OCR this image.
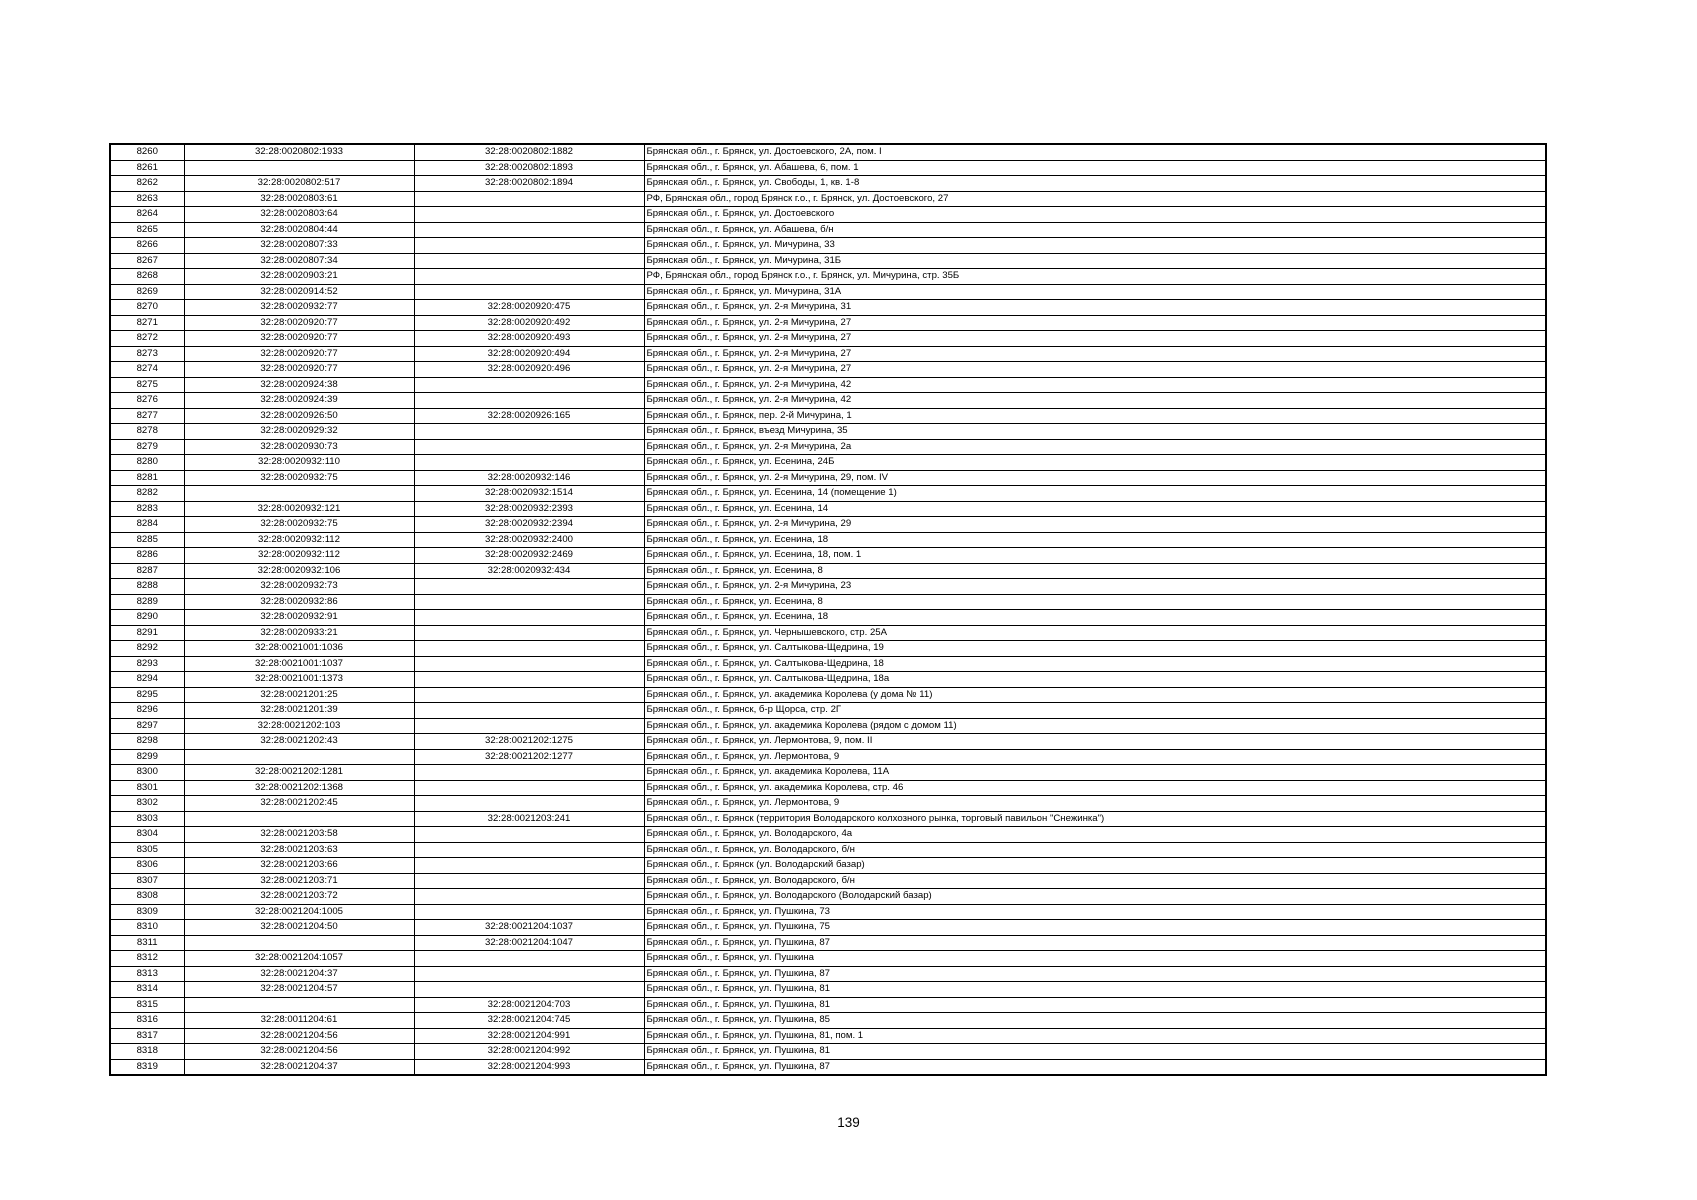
8260	32:28:0020802:1933	32:28:0020802:1882	Брянская обл., г. Брянск, ул. Достоевского, 2А, пом. I
8261		32:28:0020802:1893	Брянская обл., г. Брянск, ул. Абашева, 6, пом. 1
8262	32:28:0020802:517	32:28:0020802:1894	Брянская обл., г. Брянск, ул. Свободы, 1, кв. 1-8
8263	32:28:0020803:61		РФ, Брянская обл., город Брянск г.о., г. Брянск, ул. Достоевского, 27
8264	32:28:0020803:64		Брянская обл., г. Брянск, ул. Достоевского
8265	32:28:0020804:44		Брянская обл., г. Брянск, ул. Абашева, б/н
8266	32:28:0020807:33		Брянская обл., г. Брянск, ул. Мичурина, 33
8267	32:28:0020807:34		Брянская обл., г. Брянск, ул. Мичурина, 31Б
8268	32:28:0020903:21		РФ, Брянская обл., город Брянск г.о., г. Брянск, ул. Мичурина, стр. 35Б
8269	32:28:0020914:52		Брянская обл., г. Брянск, ул. Мичурина, 31А
8270	32:28:0020932:77	32:28:0020920:475	Брянская обл., г. Брянск, ул. 2-я Мичурина, 31
8271	32:28:0020920:77	32:28:0020920:492	Брянская обл., г. Брянск, ул. 2-я Мичурина, 27
8272	32:28:0020920:77	32:28:0020920:493	Брянская обл., г. Брянск, ул. 2-я Мичурина, 27
8273	32:28:0020920:77	32:28:0020920:494	Брянская обл., г. Брянск, ул. 2-я Мичурина, 27
8274	32:28:0020920:77	32:28:0020920:496	Брянская обл., г. Брянск, ул. 2-я Мичурина, 27
8275	32:28:0020924:38		Брянская обл., г. Брянск, ул. 2-я Мичурина, 42
8276	32:28:0020924:39		Брянская обл., г. Брянск, ул. 2-я Мичурина, 42
8277	32:28:0020926:50	32:28:0020926:165	Брянская обл., г. Брянск, пер. 2-й Мичурина, 1
8278	32:28:0020929:32		Брянская обл., г. Брянск, въезд Мичурина, 35
8279	32:28:0020930:73		Брянская обл., г. Брянск, ул. 2-я Мичурина, 2а
8280	32:28:0020932:110		Брянская обл., г. Брянск, ул. Есенина, 24Б
8281	32:28:0020932:75	32:28:0020932:146	Брянская обл., г. Брянск, ул. 2-я Мичурина, 29, пом. IV
8282		32:28:0020932:1514	Брянская обл., г. Брянск, ул. Есенина, 14 (помещение 1)
8283	32:28:0020932:121	32:28:0020932:2393	Брянская обл., г. Брянск, ул. Есенина, 14
8284	32:28:0020932:75	32:28:0020932:2394	Брянская обл., г. Брянск, ул. 2-я Мичурина, 29
8285	32:28:0020932:112	32:28:0020932:2400	Брянская обл., г. Брянск, ул. Есенина, 18
8286	32:28:0020932:112	32:28:0020932:2469	Брянская обл., г. Брянск, ул. Есенина, 18, пом. 1
8287	32:28:0020932:106	32:28:0020932:434	Брянская обл., г. Брянск, ул. Есенина, 8
8288	32:28:0020932:73		Брянская обл., г. Брянск, ул. 2-я Мичурина, 23
8289	32:28:0020932:86		Брянская обл., г. Брянск, ул. Есенина, 8
8290	32:28:0020932:91		Брянская обл., г. Брянск, ул. Есенина, 18
8291	32:28:0020933:21		Брянская обл., г. Брянск, ул. Чернышевского, стр. 25А
8292	32:28:0021001:1036		Брянская обл., г. Брянск, ул. Салтыкова-Щедрина, 19
8293	32:28:0021001:1037		Брянская обл., г. Брянск, ул. Салтыкова-Щедрина, 18
8294	32:28:0021001:1373		Брянская обл., г. Брянск, ул. Салтыкова-Щедрина, 18а
8295	32:28:0021201:25		Брянская обл., г. Брянск, ул. академика Королева (у дома № 11)
8296	32:28:0021201:39		Брянская обл., г. Брянск, б-р Щорса, стр. 2Г
8297	32:28:0021202:103		Брянская обл., г. Брянск, ул. академика Королева (рядом с домом 11)
8298	32:28:0021202:43	32:28:0021202:1275	Брянская обл., г. Брянск, ул. Лермонтова, 9, пом. II
8299		32:28:0021202:1277	Брянская обл., г. Брянск, ул. Лермонтова, 9
8300	32:28:0021202:1281		Брянская обл., г. Брянск, ул. академика Королева, 11А
8301	32:28:0021202:1368		Брянская обл., г. Брянск, ул. академика Королева, стр. 46
8302	32:28:0021202:45		Брянская обл., г. Брянск, ул. Лермонтова, 9
8303		32:28:0021203:241	Брянская обл., г. Брянск (территория Володарского колхозного рынка, торговый павильон "Снежинка")
8304	32:28:0021203:58		Брянская обл., г. Брянск, ул. Володарского, 4а
8305	32:28:0021203:63		Брянская обл., г. Брянск, ул. Володарского, б/н
8306	32:28:0021203:66		Брянская обл., г. Брянск (ул. Володарский базар)
8307	32:28:0021203:71		Брянская обл., г. Брянск, ул. Володарского, б/н
8308	32:28:0021203:72		Брянская обл., г. Брянск, ул. Володарского (Володарский базар)
8309	32:28:0021204:1005		Брянская обл., г. Брянск, ул. Пушкина, 73
8310	32:28:0021204:50	32:28:0021204:1037	Брянская обл., г. Брянск, ул. Пушкина, 75
8311		32:28:0021204:1047	Брянская обл., г. Брянск, ул. Пушкина, 87
8312	32:28:0021204:1057		Брянская обл., г. Брянск, ул. Пушкина
8313	32:28:0021204:37		Брянская обл., г. Брянск, ул. Пушкина, 87
8314	32:28:0021204:57		Брянская обл., г. Брянск, ул. Пушкина, 81
8315		32:28:0021204:703	Брянская обл., г. Брянск, ул. Пушкина, 81
8316	32:28:0011204:61	32:28:0021204:745	Брянская обл., г. Брянск, ул. Пушкина, 85
8317	32:28:0021204:56	32:28:0021204:991	Брянская обл., г. Брянск, ул. Пушкина, 81, пом. 1
8318	32:28:0021204:56	32:28:0021204:992	Брянская обл., г. Брянск, ул. Пушкина, 81
8319	32:28:0021204:37	32:28:0021204:993	Брянская обл., г. Брянск, ул. Пушкина, 87
139
